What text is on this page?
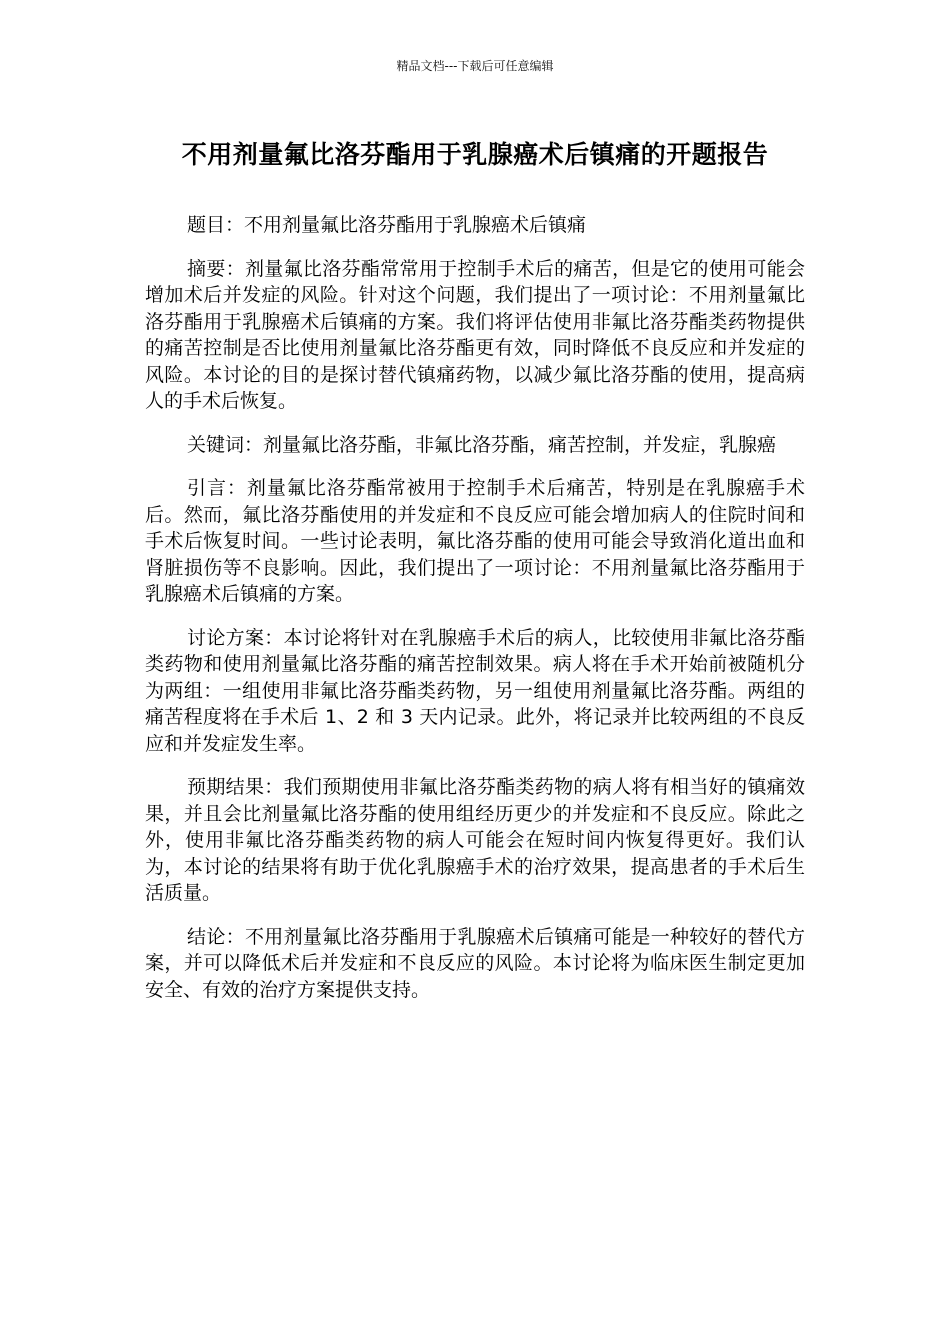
精品文档---下载后可任意编辑
不用剂量氟比洛芬酯用于乳腺癌术后镇痛的开题报告

题目：不用剂量氟比洛芬酯用于乳腺癌术后镇痛

摘要：剂量氟比洛芬酯常常用于控制手术后的痛苦，但是它的使用可能会增加术后并发症的风险。针对这个问题，我们提出了一项讨论：不用剂量氟比洛芬酯用于乳腺癌术后镇痛的方案。我们将评估使用非氟比洛芬酯类药物提供的痛苦控制是否比使用剂量氟比洛芬酯更有效，同时降低不良反应和并发症的风险。本讨论的目的是探讨替代镇痛药物，以减少氟比洛芬酯的使用，提高病人的手术后恢复。

关键词：剂量氟比洛芬酯，非氟比洛芬酯，痛苦控制，并发症，乳腺癌

引言：剂量氟比洛芬酯常被用于控制手术后痛苦，特别是在乳腺癌手术后。然而，氟比洛芬酯使用的并发症和不良反应可能会增加病人的住院时间和手术后恢复时间。一些讨论表明，氟比洛芬酯的使用可能会导致消化道出血和肾脏损伤等不良影响。因此，我们提出了一项讨论：不用剂量氟比洛芬酯用于乳腺癌术后镇痛的方案。

讨论方案：本讨论将针对在乳腺癌手术后的病人，比较使用非氟比洛芬酯类药物和使用剂量氟比洛芬酯的痛苦控制效果。病人将在手术开始前被随机分为两组：一组使用非氟比洛芬酯类药物，另一组使用剂量氟比洛芬酯。两组的痛苦程度将在手术后 1、2 和 3 天内记录。此外，将记录并比较两组的不良反应和并发症发生率。

预期结果：我们预期使用非氟比洛芬酯类药物的病人将有相当好的镇痛效果，并且会比剂量氟比洛芬酯的使用组经历更少的并发症和不良反应。除此之外，使用非氟比洛芬酯类药物的病人可能会在短时间内恢复得更好。我们认为，本讨论的结果将有助于优化乳腺癌手术的治疗效果，提高患者的手术后生活质量。

结论：不用剂量氟比洛芬酯用于乳腺癌术后镇痛可能是一种较好的替代方案，并可以降低术后并发症和不良反应的风险。本讨论将为临床医生制定更加安全、有效的治疗方案提供支持。
